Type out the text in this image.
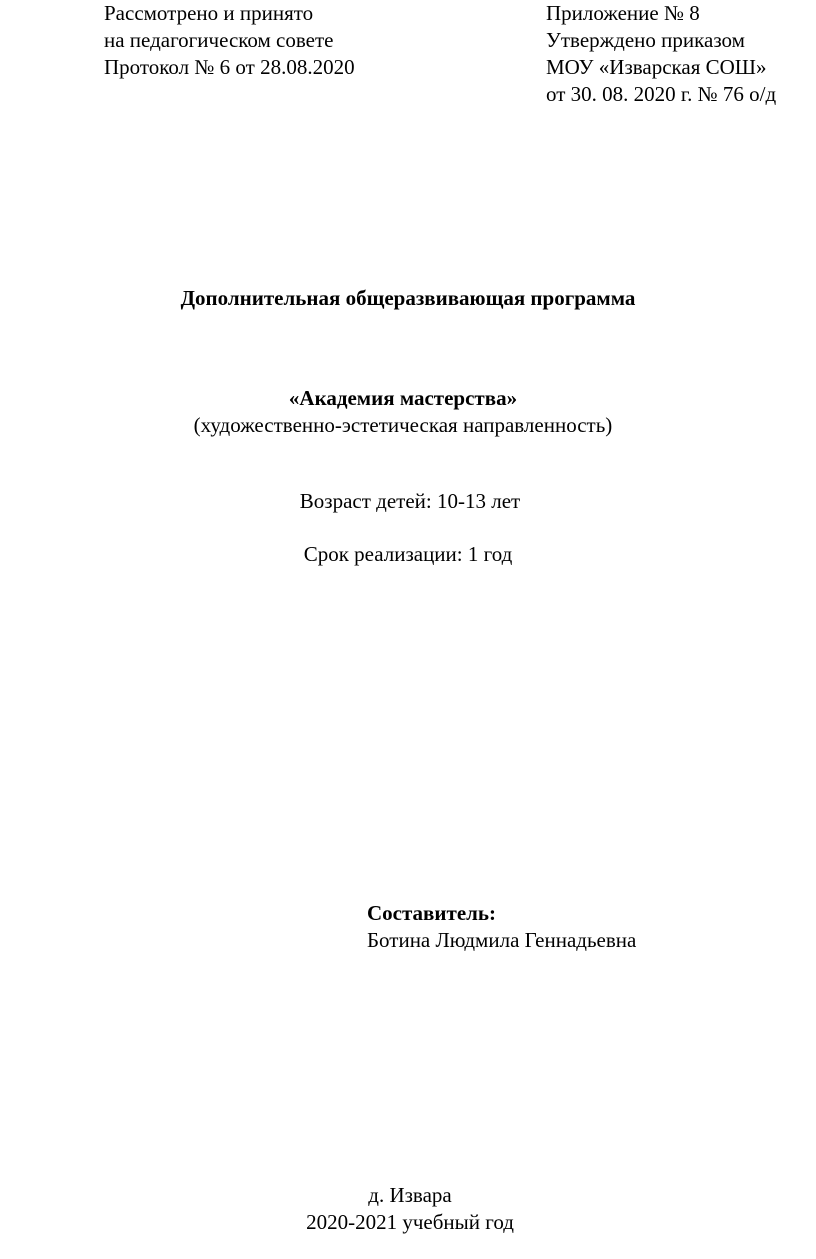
Рассмотрено и принято
на педагогическом совете
Протокол № 6 от 28.08.2020
Приложение № 8
Утверждено приказом
МОУ «Изварская СОШ»
от 30. 08. 2020 г. № 76 о/д
Дополнительная общеразвивающая программа
«Академия мастерства»
(художественно-эстетическая направленность)
Возраст детей: 10-13 лет
Срок реализации: 1 год
Составитель:
Ботина Людмила Геннадьевна
д. Извара
2020-2021 учебный год
